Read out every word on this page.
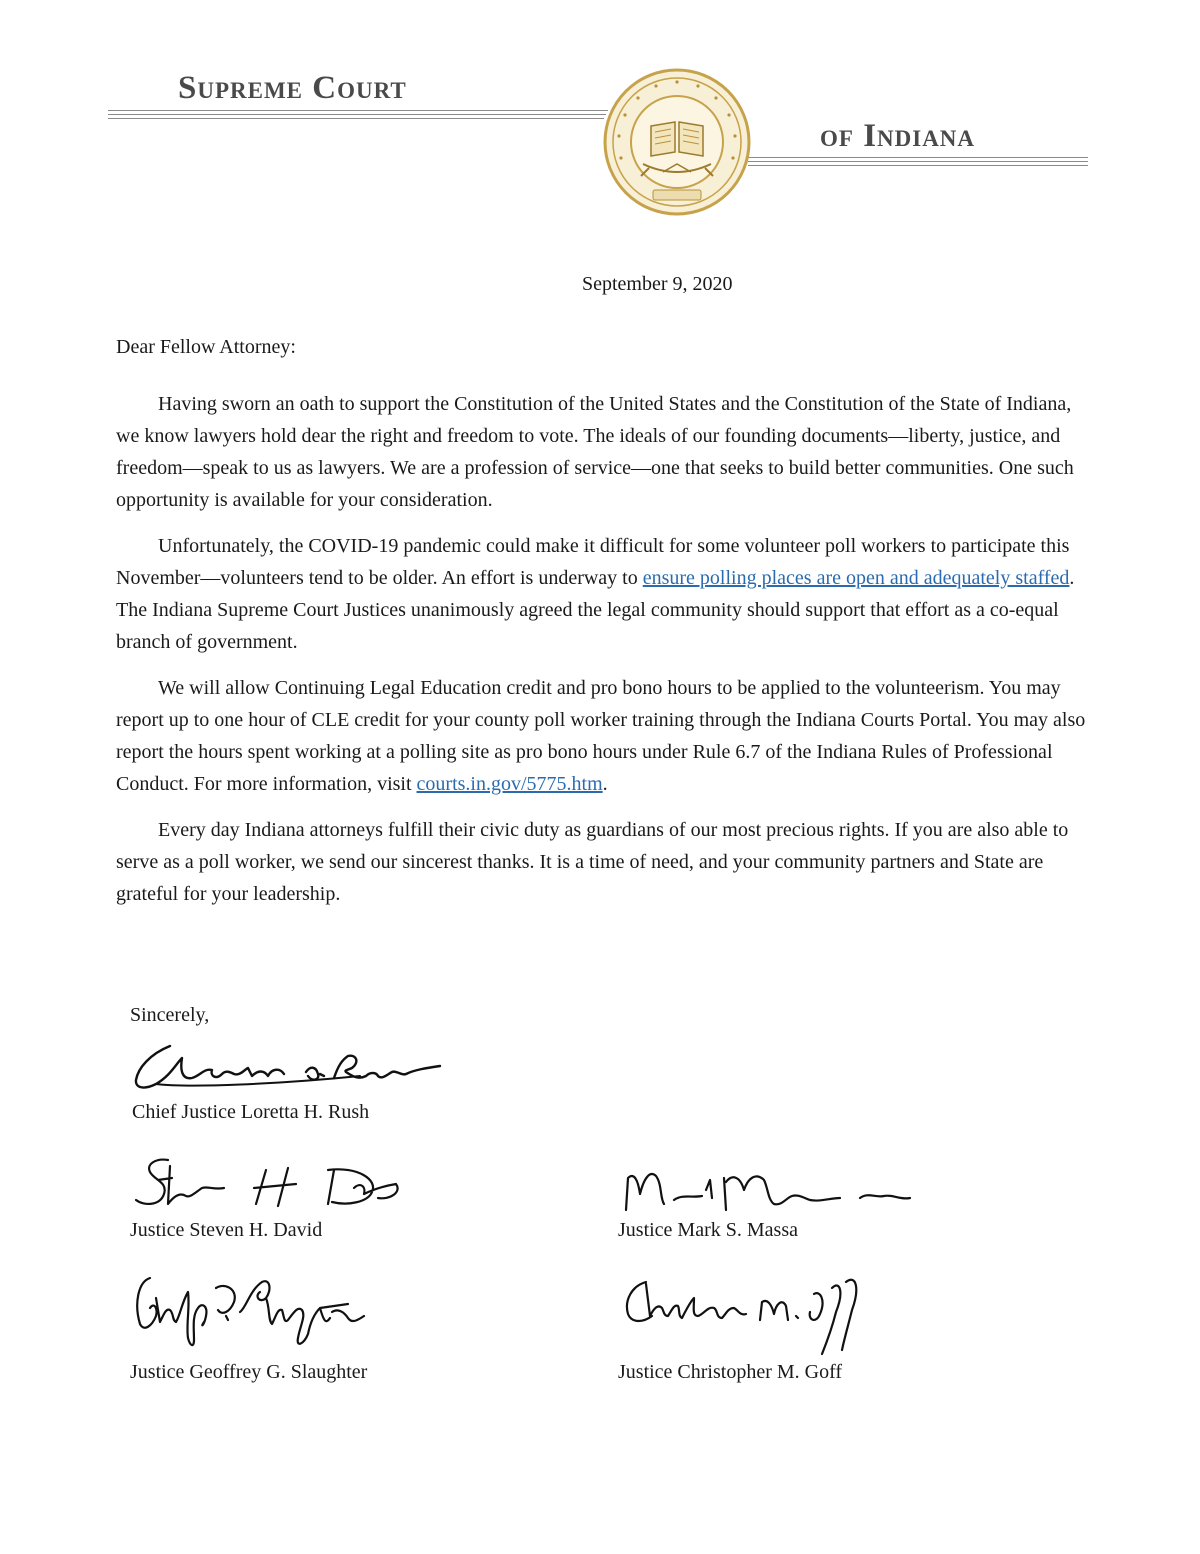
Supreme Court
of Indiana
September 9, 2020
Dear Fellow Attorney:

Having sworn an oath to support the Constitution of the United States and the Constitution of the State of Indiana, we know lawyers hold dear the right and freedom to vote. The ideals of our founding documents—liberty, justice, and freedom—speak to us as lawyers. We are a profession of service—one that seeks to build better communities. One such opportunity is available for your consideration.

Unfortunately, the COVID-19 pandemic could make it difficult for some volunteer poll workers to participate this November—volunteers tend to be older. An effort is underway to ensure polling places are open and adequately staffed. The Indiana Supreme Court Justices unanimously agreed the legal community should support that effort as a co-equal branch of government.

We will allow Continuing Legal Education credit and pro bono hours to be applied to the volunteerism. You may report up to one hour of CLE credit for your county poll worker training through the Indiana Courts Portal. You may also report the hours spent working at a polling site as pro bono hours under Rule 6.7 of the Indiana Rules of Professional Conduct. For more information, visit courts.in.gov/5775.htm.

Every day Indiana attorneys fulfill their civic duty as guardians of our most precious rights. If you are also able to serve as a poll worker, we send our sincerest thanks. It is a time of need, and your community partners and State are grateful for your leadership.

Sincerely,
Chief Justice Loretta H. Rush
Justice Steven H. David	Justice Mark S. Massa
Justice Geoffrey G. Slaughter	Justice Christopher M. Goff
